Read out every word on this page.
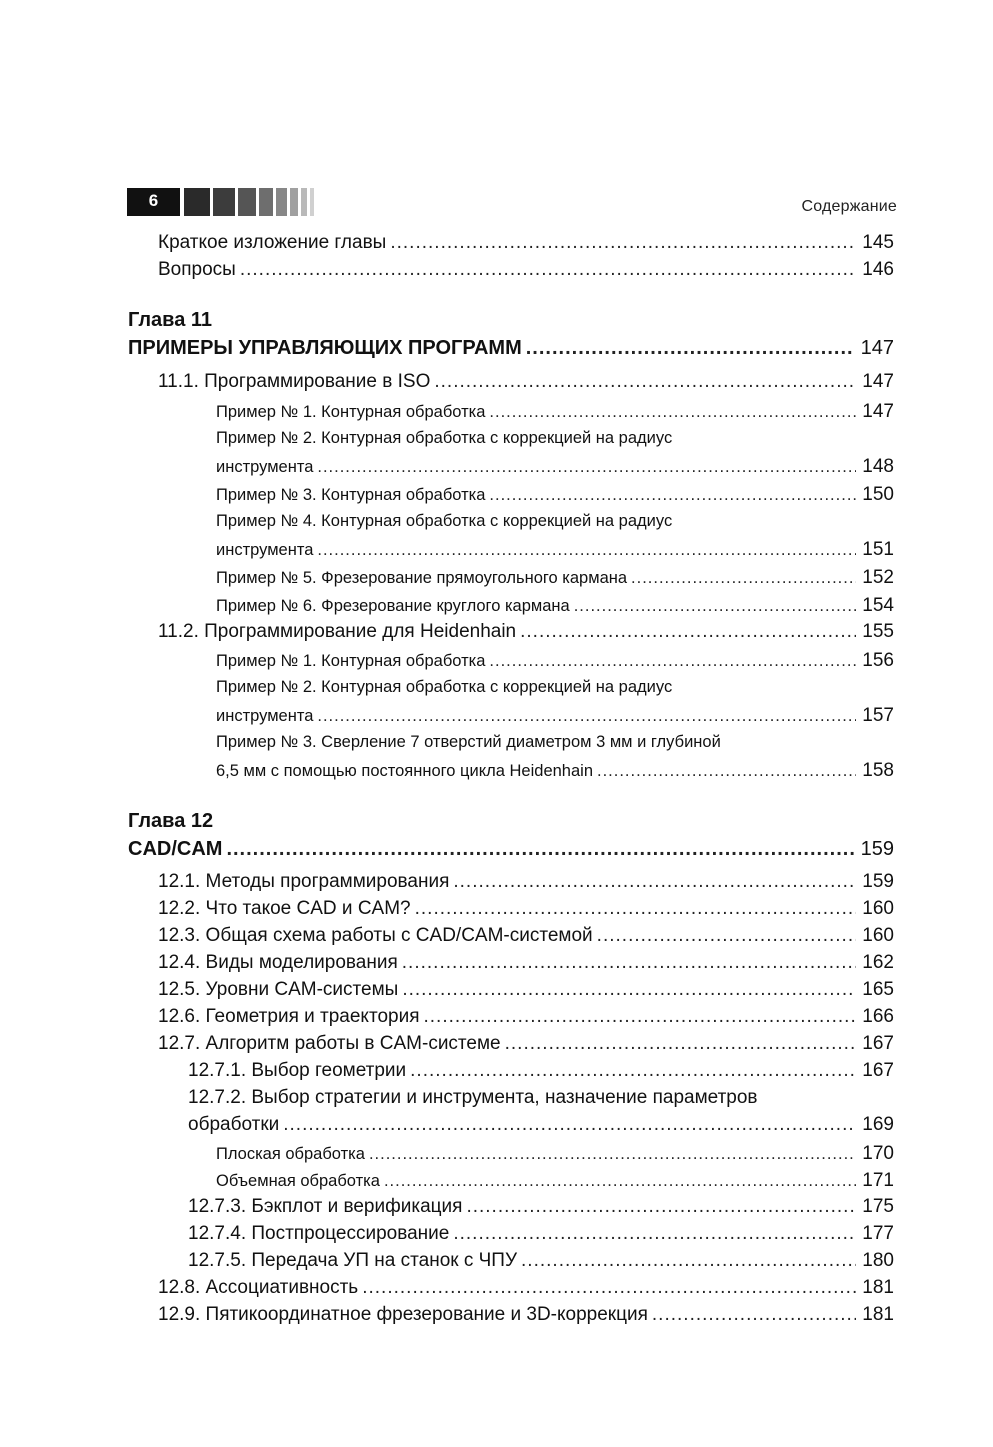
6	Содержание
Краткое изложение главы .....	145
Вопросы .....	146
Глава 11
ПРИМЕРЫ УПРАВЛЯЮЩИХ ПРОГРАММ .....	147
11.1. Программирование в ISO .....	147
Пример № 1. Контурная обработка .....	147
Пример № 2. Контурная обработка с коррекцией на радиус
инструмента .....	148
Пример № 3. Контурная обработка .....	150
Пример № 4. Контурная обработка с коррекцией на радиус
инструмента .....	151
Пример № 5. Фрезерование прямоугольного кармана .....	152
Пример № 6. Фрезерование круглого кармана .....	154
11.2. Программирование для Heidenhain .....	155
Пример № 1. Контурная обработка .....	156
Пример № 2. Контурная обработка с коррекцией на радиус
инструмента .....	157
Пример № 3. Сверление 7 отверстий диаметром 3 мм и глубиной
6,5 мм с помощью постоянного цикла Heidenhain .....	158
Глава 12
CAD/CAM .....	159
12.1. Методы программирования .....	159
12.2. Что такое CAD и CAM? .....	160
12.3. Общая схема работы с CAD/CAM-системой .....	160
12.4. Виды моделирования .....	162
12.5. Уровни CAM-системы .....	165
12.6. Геометрия и траектория .....	166
12.7. Алгоритм работы в CAM-системе .....	167
12.7.1. Выбор геометрии .....	167
12.7.2. Выбор стратегии и инструмента, назначение параметров
обработки .....	169
Плоская обработка .....	170
Объемная обработка .....	171
12.7.3. Бэкплот и верификация .....	175
12.7.4. Постпроцессирование .....	177
12.7.5. Передача УП на станок с ЧПУ .....	180
12.8. Ассоциативность .....	181
12.9. Пятикоординатное фрезерование и 3D-коррекция .....	181
